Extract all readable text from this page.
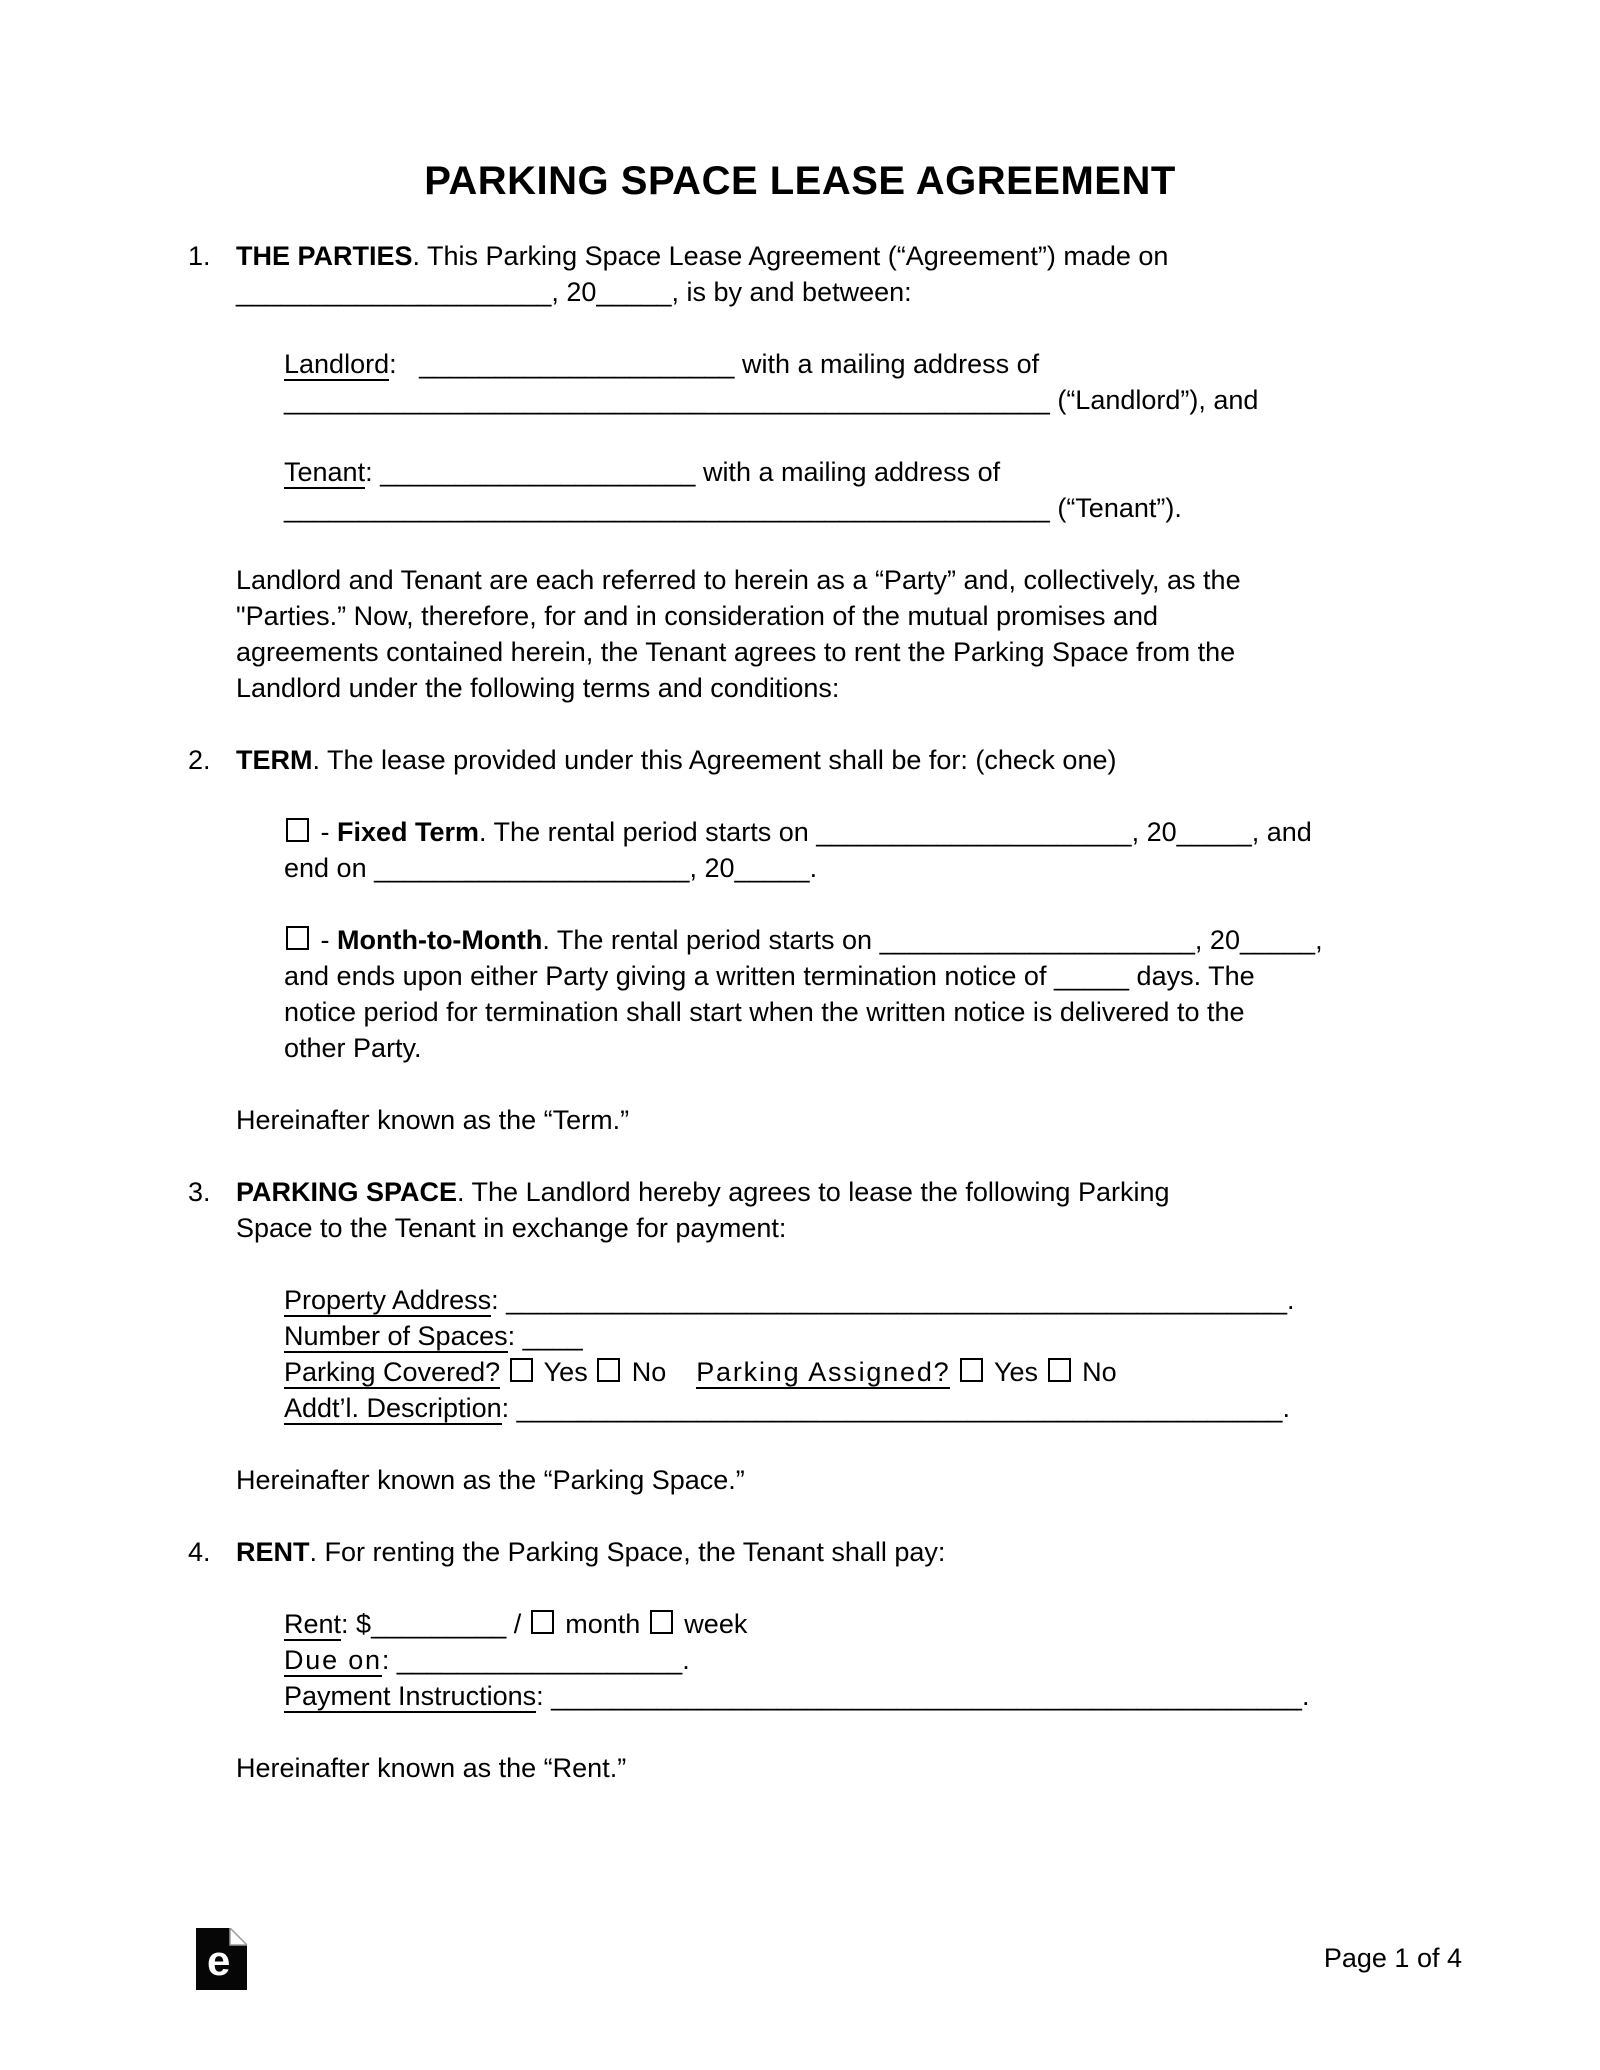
PARKING SPACE LEASE AGREEMENT
1. THE PARTIES. This Parking Space Lease Agreement (“Agreement”) made on
_____________________, 20_____, is by and between:
Landlord:   _____________________ with a mailing address of
___________________________________________________ (“Landlord”), and
Tenant: _____________________ with a mailing address of
___________________________________________________ (“Tenant”).
Landlord and Tenant are each referred to herein as a “Party” and, collectively, as the
"Parties.” Now, therefore, for and in consideration of the mutual promises and
agreements contained herein, the Tenant agrees to rent the Parking Space from the
Landlord under the following terms and conditions:
2. TERM. The lease provided under this Agreement shall be for: (check one)
- Fixed Term. The rental period starts on _____________________, 20_____, and
end on _____________________, 20_____.
- Month-to-Month. The rental period starts on _____________________, 20_____,
and ends upon either Party giving a written termination notice of _____ days. The
notice period for termination shall start when the written notice is delivered to the
other Party.
Hereinafter known as the “Term.”
3. PARKING SPACE. The Landlord hereby agrees to lease the following Parking
Space to the Tenant in exchange for payment:
Property Address: ____________________________________________________.
Number of Spaces: ____
Parking Covered?  Yes  No    Parking Assigned?  Yes  No
Addt’l. Description: ___________________________________________________.
Hereinafter known as the “Parking Space.”
4. RENT. For renting the Parking Space, the Tenant shall pay:
Rent: $_________ /  month  week
Due on: ___________________.
Payment Instructions: __________________________________________________.
Hereinafter known as the “Rent.”
e	Page 1 of 4
